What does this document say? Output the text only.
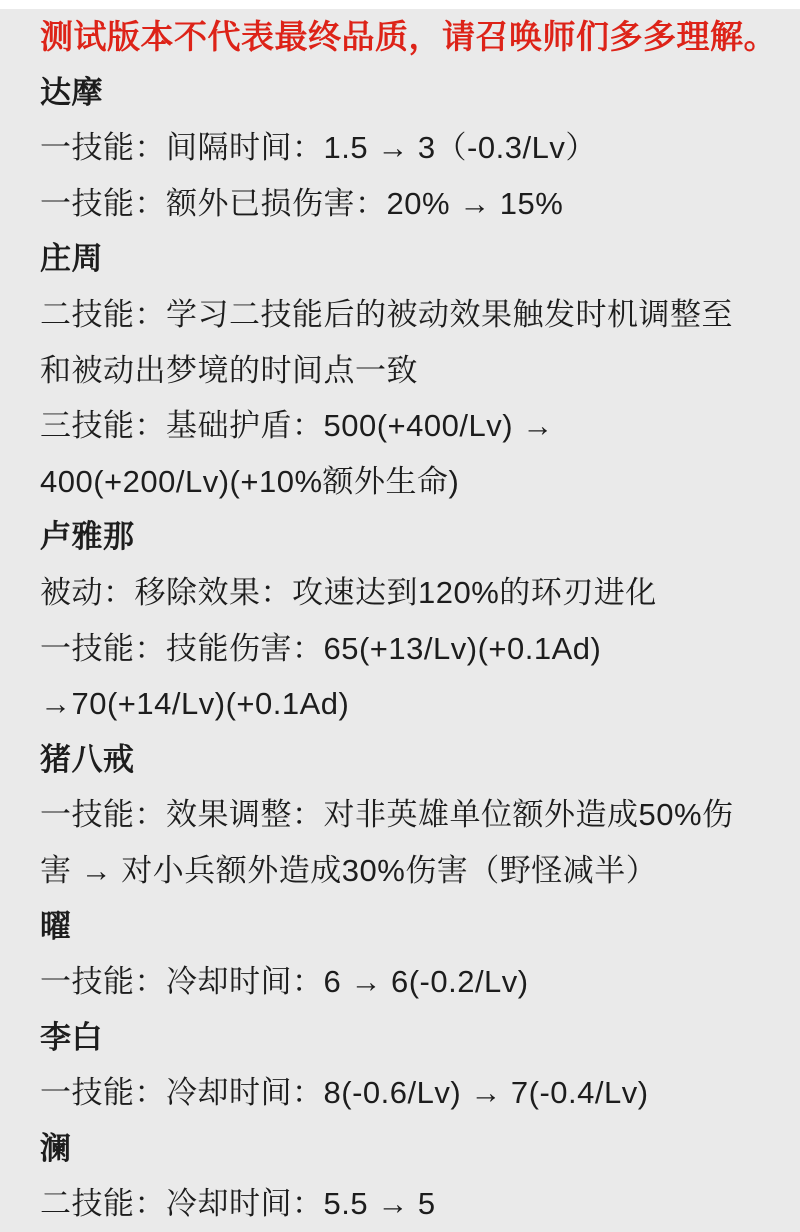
测试版本不代表最终品质，请召唤师们多多理解。
达摩
一技能：间隔时间：1.5 → 3（-0.3/Lv）
一技能：额外已损伤害：20% → 15%
庄周
二技能：学习二技能后的被动效果触发时机调整至
和被动出梦境的时间点一致
三技能：基础护盾：500(+400/Lv) →
400(+200/Lv)(+10%额外生命)
卢雅那
被动：移除效果：攻速达到120%的环刃进化
一技能：技能伤害：65(+13/Lv)(+0.1Ad)
→70(+14/Lv)(+0.1Ad)
猪八戒
一技能：效果调整：对非英雄单位额外造成50%伤
害 → 对小兵额外造成30%伤害（野怪减半）
曜
一技能：冷却时间：6 → 6(-0.2/Lv)
李白
一技能：冷却时间：8(-0.6/Lv) → 7(-0.4/Lv)
澜
二技能：冷却时间：5.5 → 5
